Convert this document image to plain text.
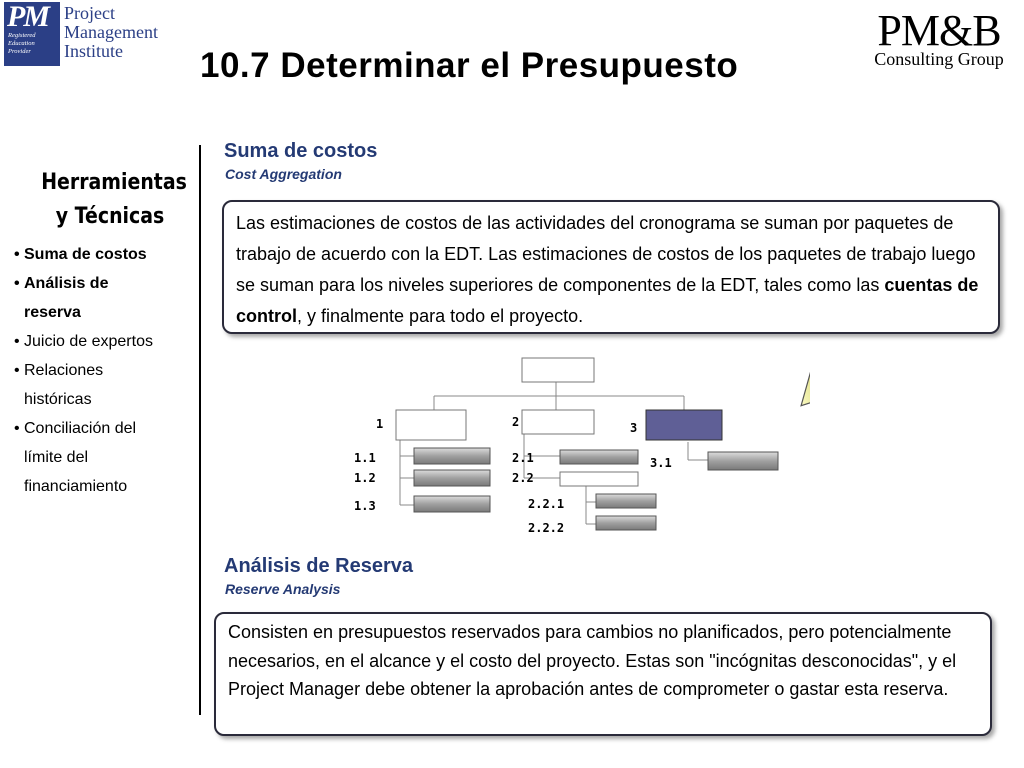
PM
Registered
Education
Provider
Project
Management
Institute	PM&B
Consulting Group
10.7 Determinar el Presupuesto
Herramientas
y Técnicas
• Suma de costos
• Análisis de
reserva
• Juicio de expertos
• Relaciones
históricas
• Conciliación del
límite del
financiamiento
Suma de costos
Cost Aggregation
Las estimaciones de costos de las actividades del cronograma se suman por paquetes de trabajo de acuerdo con la EDT. Las estimaciones de costos de los paquetes de trabajo luego se suman para los niveles superiores de componentes de la EDT, tales como las cuentas de control, y finalmente para todo el proyecto.
1	2	3
1.1
1.2
1.3
2.1
2.2
2.2.1
2.2.2
3.1
Análisis de Reserva
Reserve Analysis
Consisten en presupuestos reservados para cambios no planificados, pero potencialmente necesarios, en el alcance y el costo del proyecto. Estas son "incógnitas desconocidas", y el Project Manager debe obtener la aprobación antes de comprometer o gastar esta reserva.
